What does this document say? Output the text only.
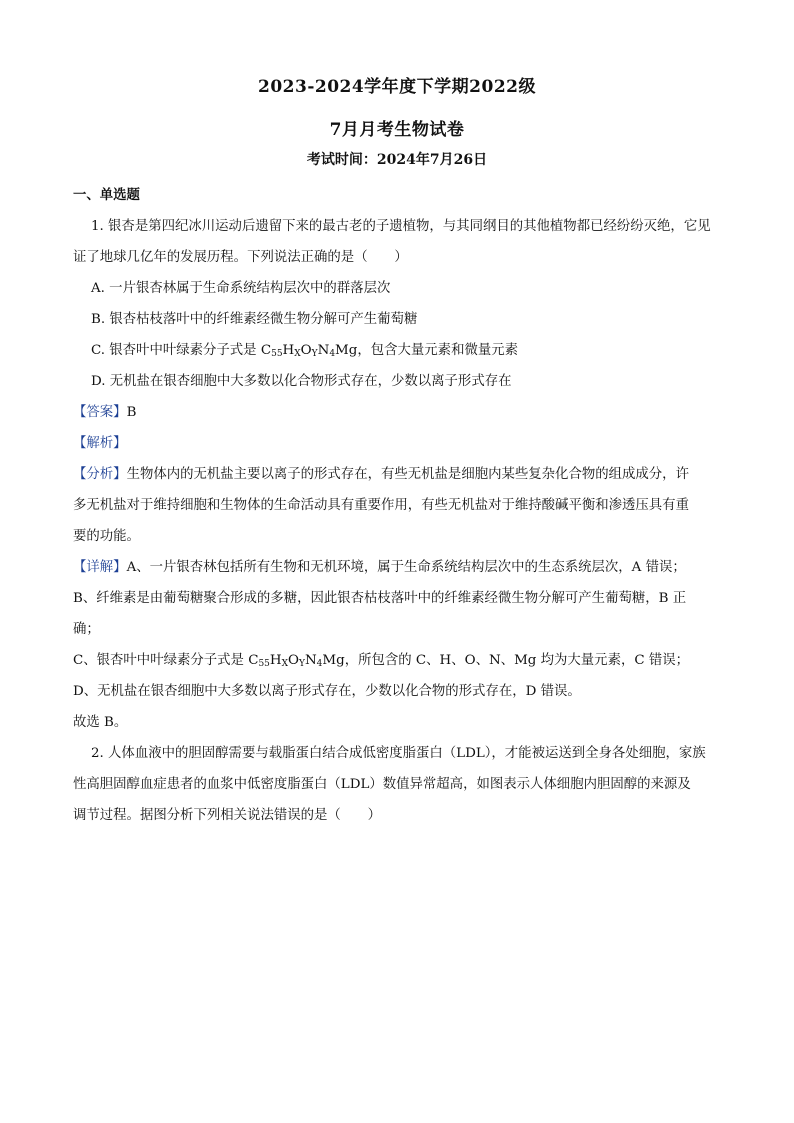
2023-2024学年度下学期2022级
7月月考生物试卷
考试时间：2024年7月26日
一、单选题
1. 银杏是第四纪冰川运动后遗留下来的最古老的子遗植物，与其同纲目的其他植物都已经纷纷灭绝，它见
证了地球几亿年的发展历程。下列说法正确的是（　　）
A. 一片银杏林属于生命系统结构层次中的群落层次
B. 银杏枯枝落叶中的纤维素经微生物分解可产生葡萄糖
C. 银杏叶中叶绿素分子式是 $C_{55}H_XO_YN_4Mg$，包含大量元素和微量元素
D. 无机盐在银杏细胞中大多数以化合物形式存在，少数以离子形式存在
【答案】B
【解析】
【分析】生物体内的无机盐主要以离子的形式存在，有些无机盐是细胞内某些复杂化合物的组成成分，许
多无机盐对于维持细胞和生物体的生命活动具有重要作用，有些无机盐对于维持酸碱平衡和渗透压具有重
要的功能。
【详解】A、一片银杏林包括所有生物和无机环境，属于生命系统结构层次中的生态系统层次，A 错误；
B、纤维素是由葡萄糖聚合形成的多糖，因此银杏枯枝落叶中的纤维素经微生物分解可产生葡萄糖，B 正
确；
C、银杏叶中叶绿素分子式是 $C_{55}H_XO_YN_4Mg$，所包含的 C、H、O、N、Mg 均为大量元素，C 错误；
D、无机盐在银杏细胞中大多数以离子形式存在，少数以化合物的形式存在，D 错误。
故选 B。
2. 人体血液中的胆固醇需要与载脂蛋白结合成低密度脂蛋白（LDL），才能被运送到全身各处细胞，家族
性高胆固醇血症患者的血浆中低密度脂蛋白（LDL）数值异常超高，如图表示人体细胞内胆固醇的来源及
调节过程。据图分析下列相关说法错误的是（　　）
